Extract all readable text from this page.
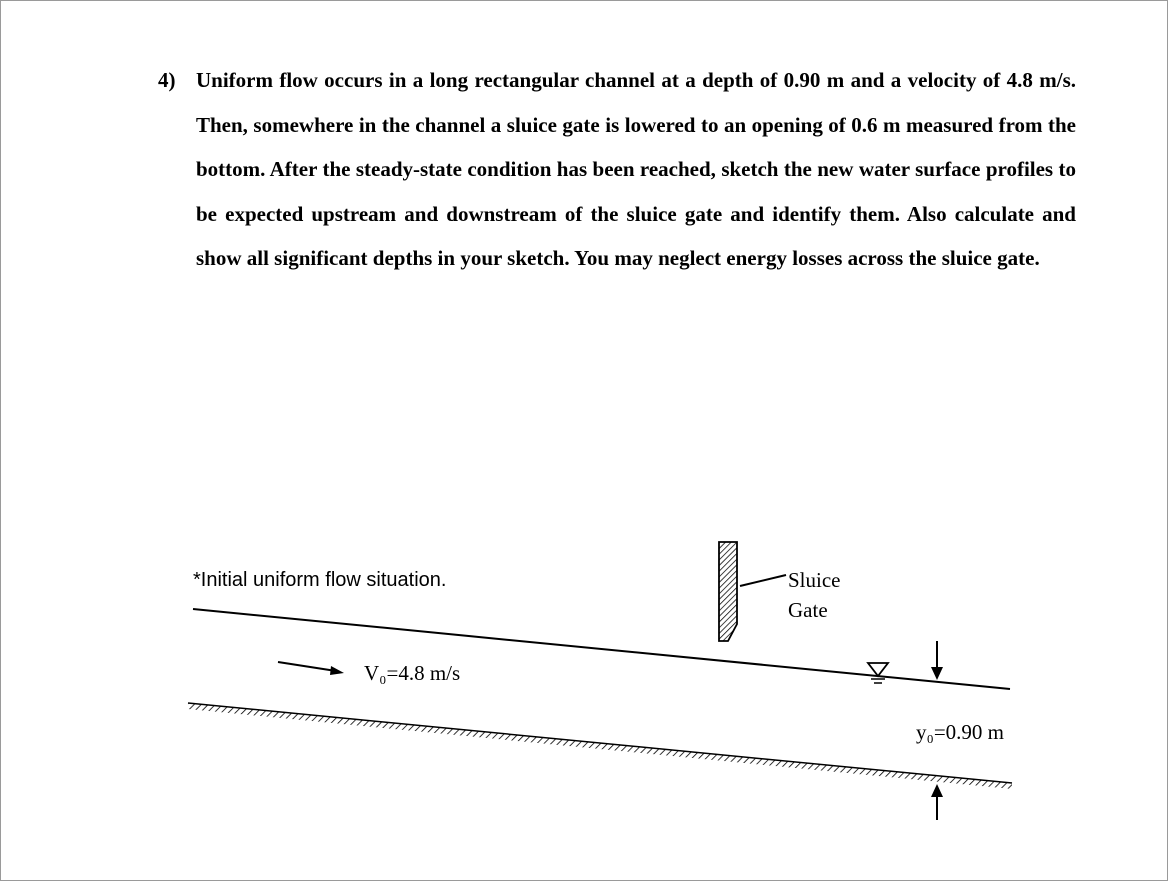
4) Uniform flow occurs in a long rectangular channel at a depth of 0.90 m and a velocity of 4.8 m/s. Then, somewhere in the channel a sluice gate is lowered to an opening of 0.6 m measured from the bottom. After the steady-state condition has been reached, sketch the new water surface profiles to be expected upstream and downstream of the sluice gate and identify them. Also calculate and show all significant depths in your sketch. You may neglect energy losses across the sluice gate.
*Initial uniform flow situation.	Sluice
Gate
V₀=4.8 m/s
y₀=0.90 m
